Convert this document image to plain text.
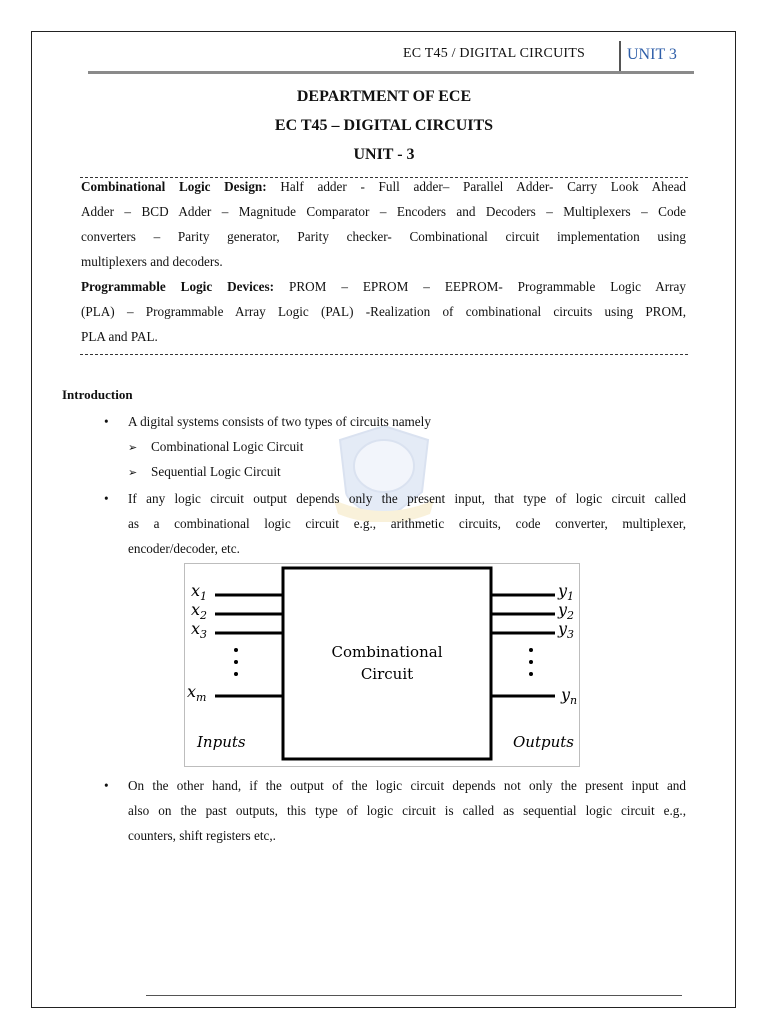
EC T45 / DIGITAL CIRCUITS	UNIT 3
DEPARTMENT OF ECE
EC T45 – DIGITAL CIRCUITS
UNIT - 3
Combinational Logic Design: Half adder - Full adder– Parallel Adder- Carry Look Ahead
Adder – BCD Adder – Magnitude Comparator – Encoders and Decoders – Multiplexers – Code
converters – Parity generator, Parity checker- Combinational circuit implementation using
multiplexers and decoders.
Programmable Logic Devices: PROM – EPROM – EEPROM- Programmable Logic Array
(PLA) – Programmable Array Logic (PAL) -Realization of combinational circuits using PROM,
PLA and PAL.
Introduction
• A digital systems consists of two types of circuits namely
➢ Combinational Logic Circuit
➢ Sequential Logic Circuit
• If any logic circuit output depends only the present input, that type of logic circuit called
as a combinational logic circuit e.g., arithmetic circuits, code converter, multiplexer,
encoder/decoder, etc.
Combinational
Circuit
$x_1$
$x_2$
$x_3$
$x_m$
$y_1$
$y_2$
$y_3$
$y_n$
Inputs	Outputs
• On the other hand, if the output of the logic circuit depends not only the present input and
also on the past outputs, this type of logic circuit is called as sequential logic circuit e.g.,
counters, shift registers etc,.
